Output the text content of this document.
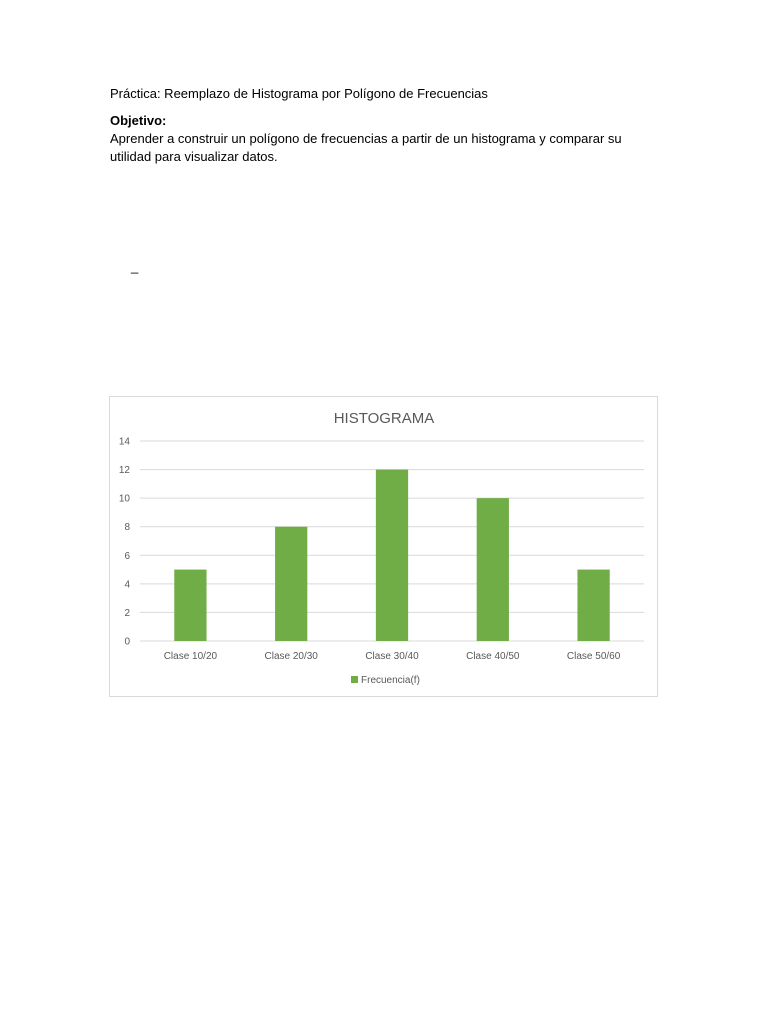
Práctica: Reemplazo de Histograma por Polígono de Frecuencias
Objetivo:
Aprender a construir un polígono de frecuencias a partir de un histograma y comparar su utilidad para visualizar datos.
_
HISTOGRAMA
0
2
4
6
8
10
12
14
Clase 10/20	Clase 20/30	Clase 30/40	Clase 40/50	Clase 50/60
Frecuencia(f)
